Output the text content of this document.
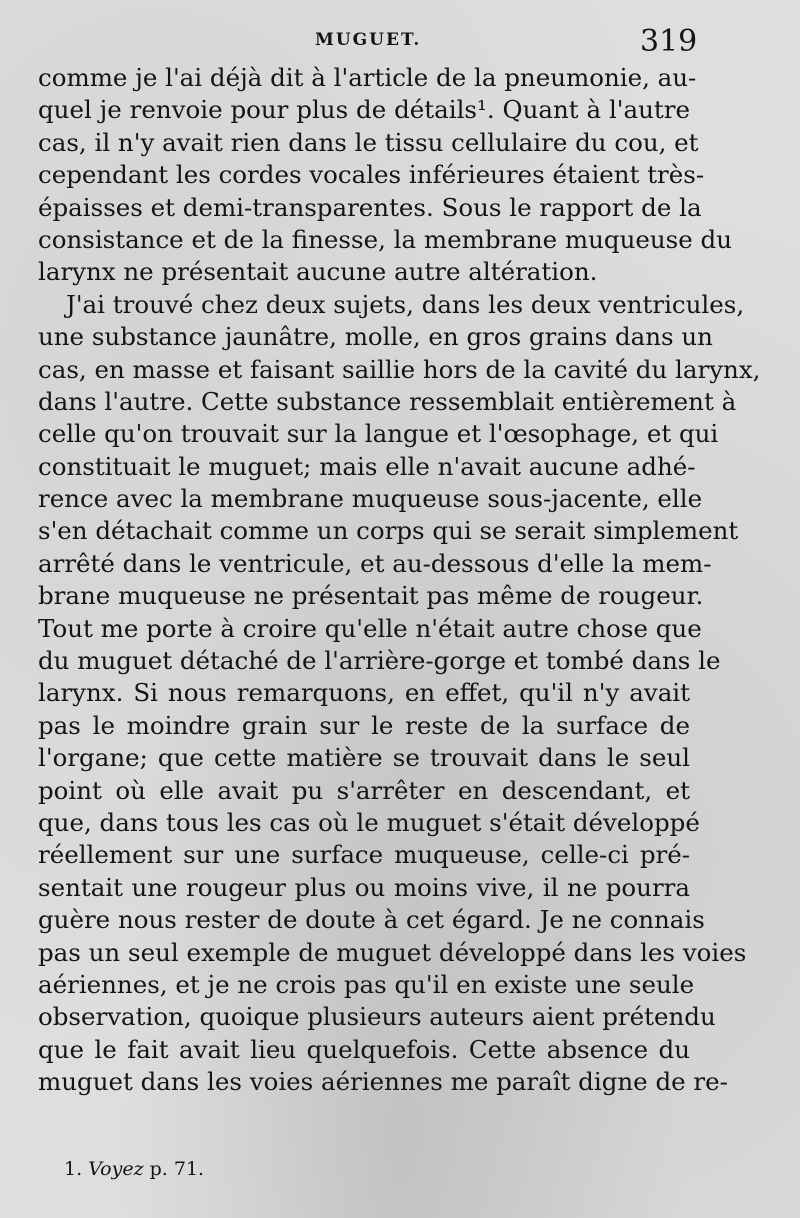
MUGUET.	319
comme je l'ai déjà dit à l'article de la pneumonie, au-
quel je renvoie pour plus de détails¹. Quant à l'autre
cas, il n'y avait rien dans le tissu cellulaire du cou, et
cependant les cordes vocales inférieures étaient très-
épaisses et demi-transparentes. Sous le rapport de la
consistance et de la finesse, la membrane muqueuse du
larynx ne présentait aucune autre altération.
J'ai trouvé chez deux sujets, dans les deux ventricules,
une substance jaunâtre, molle, en gros grains dans un
cas, en masse et faisant saillie hors de la cavité du larynx,
dans l'autre. Cette substance ressemblait entièrement à
celle qu'on trouvait sur la langue et l'œsophage, et qui
constituait le muguet; mais elle n'avait aucune adhé-
rence avec la membrane muqueuse sous-jacente, elle
s'en détachait comme un corps qui se serait simplement
arrêté dans le ventricule, et au-dessous d'elle la mem-
brane muqueuse ne présentait pas même de rougeur.
Tout me porte à croire qu'elle n'était autre chose que
du muguet détaché de l'arrière-gorge et tombé dans le
larynx. Si nous remarquons, en effet, qu'il n'y avait
pas le moindre grain sur le reste de la surface de
l'organe; que cette matière se trouvait dans le seul
point où elle avait pu s'arrêter en descendant, et
que, dans tous les cas où le muguet s'était développé
réellement sur une surface muqueuse, celle-ci pré-
sentait une rougeur plus ou moins vive, il ne pourra
guère nous rester de doute à cet égard. Je ne connais
pas un seul exemple de muguet développé dans les voies
aériennes, et je ne crois pas qu'il en existe une seule
observation, quoique plusieurs auteurs aient prétendu
que le fait avait lieu quelquefois. Cette absence du
muguet dans les voies aériennes me paraît digne de re-
1. Voyez p. 71.
